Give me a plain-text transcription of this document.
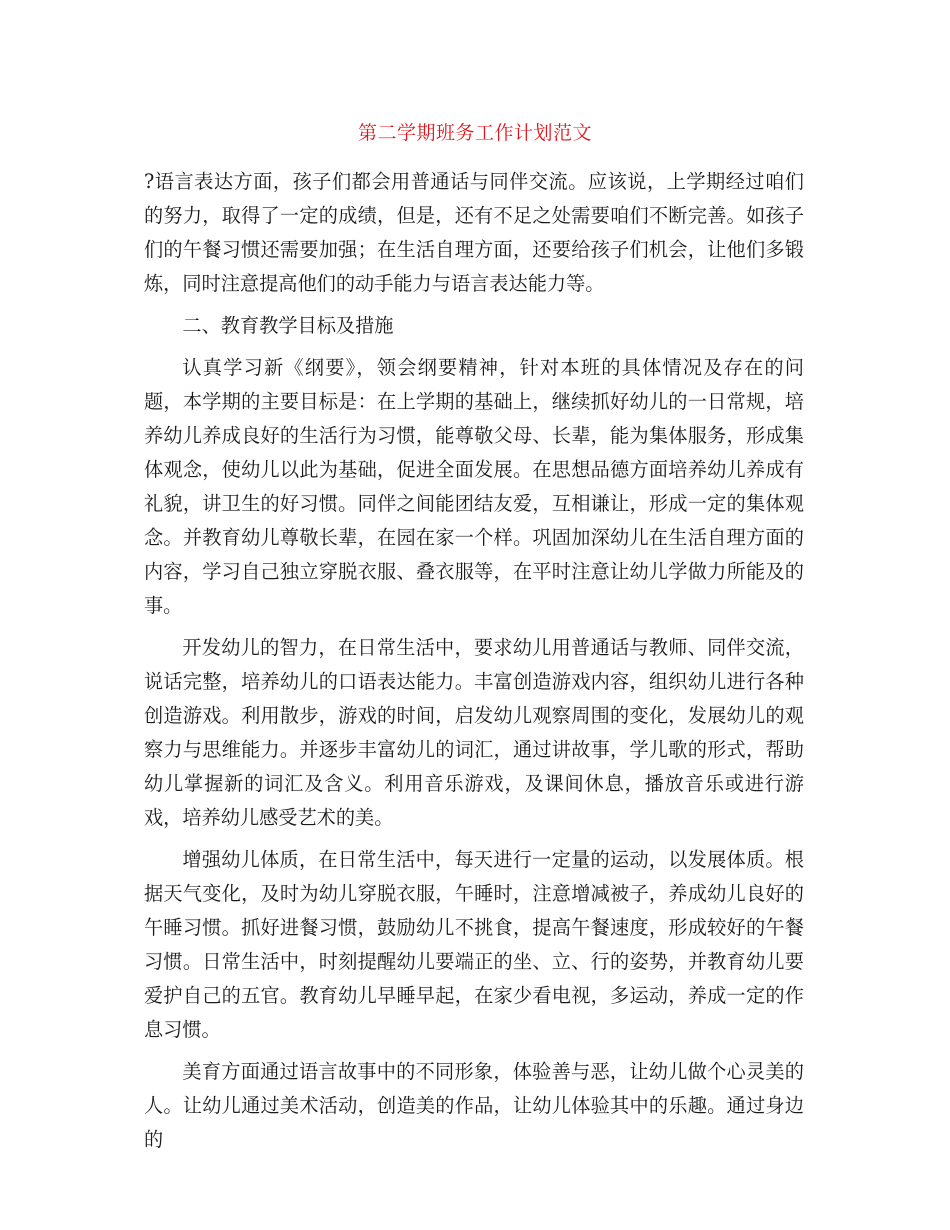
第二学期班务工作计划范文

?语言表达方面，孩子们都会用普通话与同伴交流。应该说，上学期经过咱们的努力，取得了一定的成绩，但是，还有不足之处需要咱们不断完善。如孩子们的午餐习惯还需要加强；在生活自理方面，还要给孩子们机会，让他们多锻炼，同时注意提高他们的动手能力与语言表达能力等。

二、教育教学目标及措施

认真学习新《纲要》，领会纲要精神，针对本班的具体情况及存在的问题，本学期的主要目标是：在上学期的基础上，继续抓好幼儿的一日常规，培养幼儿养成良好的生活行为习惯，能尊敬父母、长辈，能为集体服务，形成集体观念，使幼儿以此为基础，促进全面发展。在思想品德方面培养幼儿养成有礼貌，讲卫生的好习惯。同伴之间能团结友爱，互相谦让，形成一定的集体观念。并教育幼儿尊敬长辈，在园在家一个样。巩固加深幼儿在生活自理方面的内容，学习自己独立穿脱衣服、叠衣服等，在平时注意让幼儿学做力所能及的事。

开发幼儿的智力，在日常生活中，要求幼儿用普通话与教师、同伴交流，说话完整，培养幼儿的口语表达能力。丰富创造游戏内容，组织幼儿进行各种创造游戏。利用散步，游戏的时间，启发幼儿观察周围的变化，发展幼儿的观察力与思维能力。并逐步丰富幼儿的词汇，通过讲故事，学儿歌的形式，帮助幼儿掌握新的词汇及含义。利用音乐游戏，及课间休息，播放音乐或进行游戏，培养幼儿感受艺术的美。

增强幼儿体质，在日常生活中，每天进行一定量的运动，以发展体质。根据天气变化，及时为幼儿穿脱衣服，午睡时，注意增减被子，养成幼儿良好的午睡习惯。抓好进餐习惯，鼓励幼儿不挑食，提高午餐速度，形成较好的午餐习惯。日常生活中，时刻提醒幼儿要端正的坐、立、行的姿势，并教育幼儿要爱护自己的五官。教育幼儿早睡早起，在家少看电视，多运动，养成一定的作息习惯。

美育方面通过语言故事中的不同形象，体验善与恶，让幼儿做个心灵美的人。让幼儿通过美术活动，创造美的作品，让幼儿体验其中的乐趣。通过身边的
